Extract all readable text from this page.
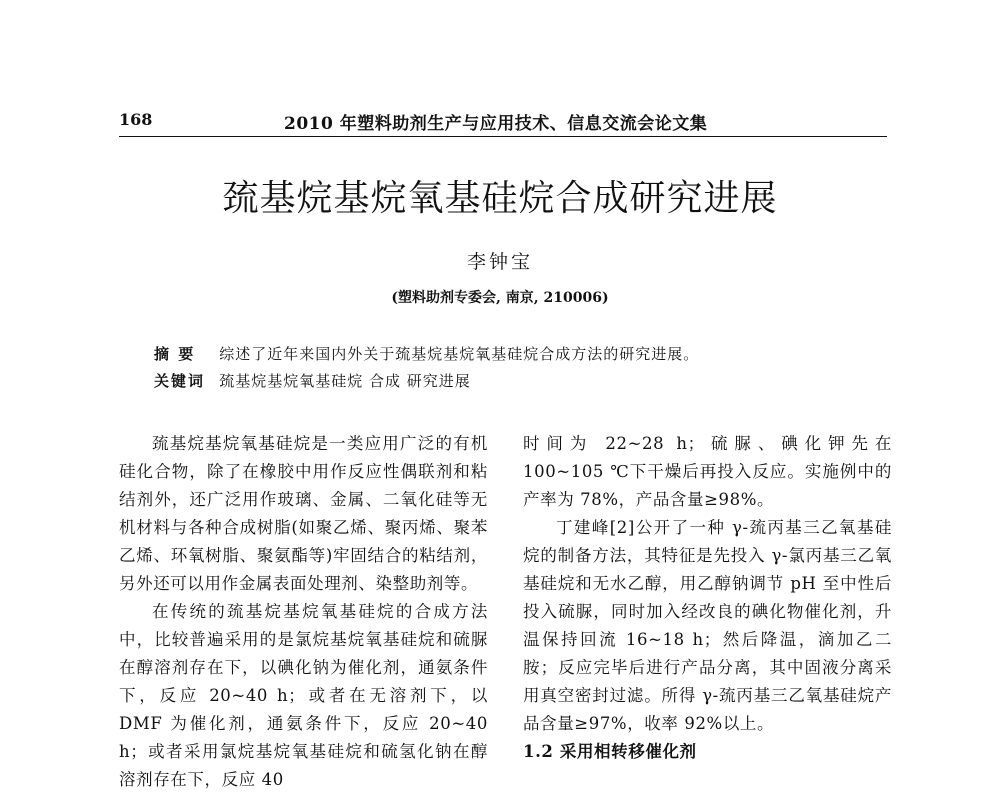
168	2010 年塑料助剂生产与应用技术、信息交流会论文集
巯基烷基烷氧基硅烷合成研究进展
李钟宝
(塑料助剂专委会, 南京, 210006)
摘 要 综述了近年来国内外关于巯基烷基烷氧基硅烷合成方法的研究进展。
关键词 巯基烷基烷氧基硅烷 合成 研究进展

巯基烷基烷氧基硅烷是一类应用广泛的有机硅化合物，除了在橡胶中用作反应性偶联剂和粘结剂外，还广泛用作玻璃、金属、二氧化硅等无机材料与各种合成树脂(如聚乙烯、聚丙烯、聚苯乙烯、环氧树脂、聚氨酯等)牢固结合的粘结剂，另外还可以用作金属表面处理剂、染整助剂等。

在传统的巯基烷基烷氧基硅烷的合成方法中，比较普遍采用的是氯烷基烷氧基硅烷和硫脲在醇溶剂存在下，以碘化钠为催化剂，通氨条件下，反应 20~40 h；或者在无溶剂下，以 DMF 为催化剂，通氨条件下，反应 20~40 h；或者采用氯烷基烷氧基硅烷和硫氢化钠在醇溶剂存在下，反应 40

时间为 22~28 h；硫脲、碘化钾先在 100~105 ℃下干燥后再投入反应。实施例中的产率为 78%，产品含量≥98%。

丁建峰[2]公开了一种 γ-巯丙基三乙氧基硅烷的制备方法，其特征是先投入 γ-氯丙基三乙氧基硅烷和无水乙醇，用乙醇钠调节 pH 至中性后投入硫脲，同时加入经改良的碘化物催化剂，升温保持回流 16~18 h；然后降温，滴加乙二胺；反应完毕后进行产品分离，其中固液分离采用真空密封过滤。所得 γ-巯丙基三乙氧基硅烷产品含量≥97%，收率 92%以上。

1.2 采用相转移催化剂
